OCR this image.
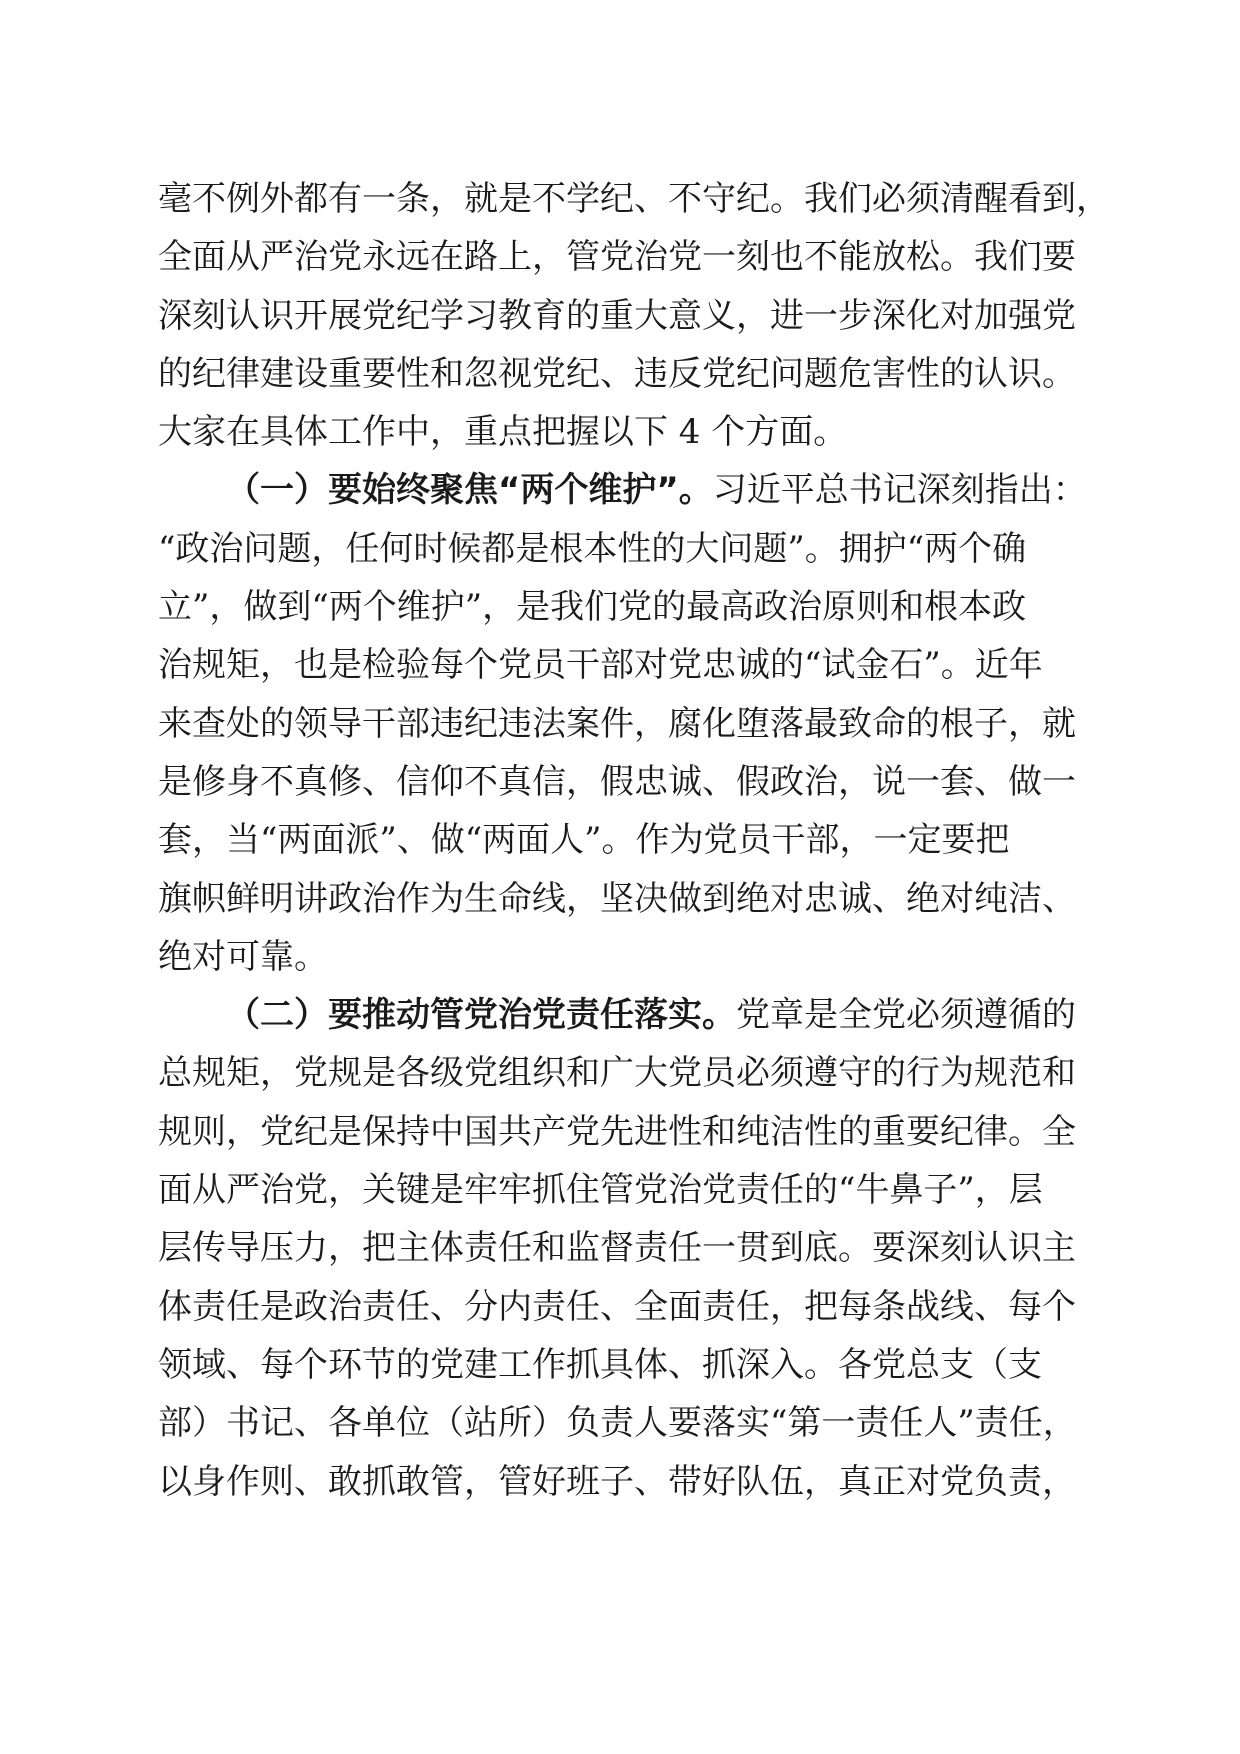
毫不例外都有一条，就是不学纪、不守纪。我们必须清醒看到，
全面从严治党永远在路上，管党治党一刻也不能放松。我们要
深刻认识开展党纪学习教育的重大意义，进一步深化对加强党
的纪律建设重要性和忽视党纪、违反党纪问题危害性的认识。
大家在具体工作中，重点把握以下 4 个方面。
（一）要始终聚焦“两个维护”。习近平总书记深刻指出：
“政治问题，任何时候都是根本性的大问题”。拥护“两个确
立”，做到“两个维护”，是我们党的最高政治原则和根本政
治规矩，也是检验每个党员干部对党忠诚的“试金石”。近年
来查处的领导干部违纪违法案件，腐化堕落最致命的根子，就
是修身不真修、信仰不真信，假忠诚、假政治，说一套、做一
套，当“两面派”、做“两面人”。作为党员干部，一定要把
旗帜鲜明讲政治作为生命线，坚决做到绝对忠诚、绝对纯洁、
绝对可靠。
（二）要推动管党治党责任落实。党章是全党必须遵循的
总规矩，党规是各级党组织和广大党员必须遵守的行为规范和
规则，党纪是保持中国共产党先进性和纯洁性的重要纪律。全
面从严治党，关键是牢牢抓住管党治党责任的“牛鼻子”，层
层传导压力，把主体责任和监督责任一贯到底。要深刻认识主
体责任是政治责任、分内责任、全面责任，把每条战线、每个
领域、每个环节的党建工作抓具体、抓深入。各党总支（支
部）书记、各单位（站所）负责人要落实“第一责任人”责任，
以身作则、敢抓敢管，管好班子、带好队伍，真正对党负责，
